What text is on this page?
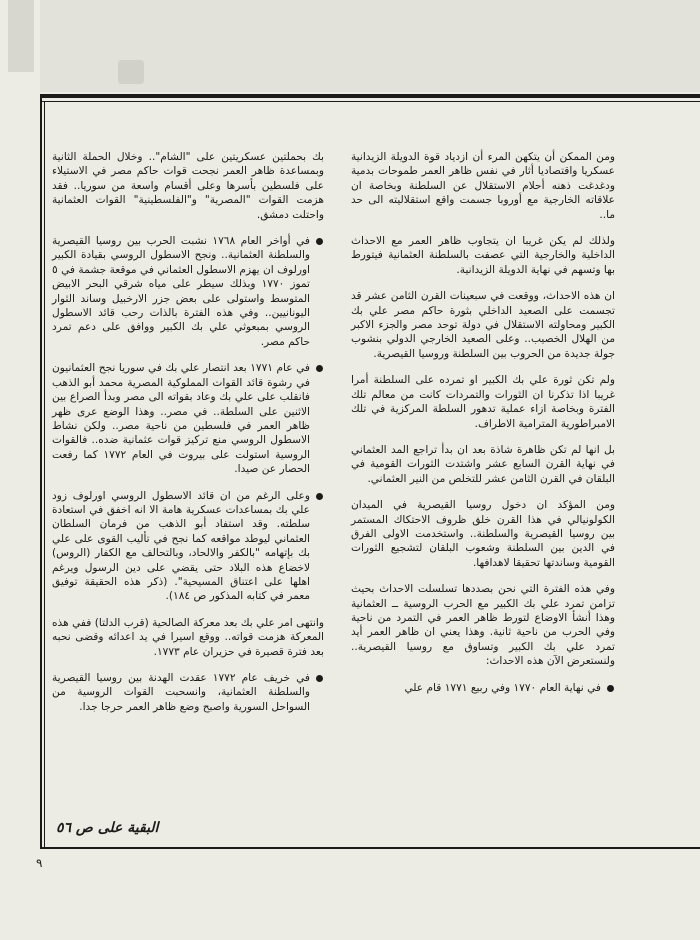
ومن الممكن أن يتكهن المرء أن ازدياد قوة الدويلة الزيدانية عسكريا واقتصاديا أثار في نفس ظاهر العمر طموحات بدمية ودغدغت ذهنه أحلام الاستقلال عن السلطنة وبخاصة ان علاقاته الخارجية مع أوروبا جسمت واقع استقلاليته الى حد ما..

ولذلك لم يكن غريبا ان يتجاوب ظاهر العمر مع الاحداث الداخلية والخارجية التي عصفت بالسلطنة العثمانية فيتورط بها وتسهم في نهاية الدويلة الزيدانية.

ان هذه الاحداث، ووقعت في سبعينات القرن الثامن عشر قد تجسمت على الصعيد الداخلي بثورة حاكم مصر علي بك الكبير ومحاولته الاستقلال في دولة توحد مصر والجزء الاكبر من الهلال الخصيب.. وعلى الصعيد الخارجي الدولي بنشوب جولة جديدة من الحروب بين السلطنة وروسيا القيصرية.

ولم تكن ثورة علي بك الكبير او تمرده على السلطنة أمرا غريبا اذا تذكرنا ان الثورات والتمردات كانت من معالم تلك الفترة وبخاصة ازاء عملية تدهور السلطة المركزية في تلك الامبراطورية المترامية الاطراف.

بل انها لم تكن ظاهرة شاذة بعد ان بدأ تراجع المد العثماني في نهاية القرن السابع عشر واشتدت الثورات القومية في البلقان في القرن الثامن عشر للتخلص من النير العثماني.

ومن المؤكد ان دخول روسيا القيصرية في الميدان الكولونيالي في هذا القرن خلق ظروف الاحتكاك المستمر بين روسيا القيصرية والسلطنة.. واستخدمت الاولى الفرق في الدين بين السلطنة وشعوب البلقان لتشجيع الثورات القومية وساندتها تحقيقا لاهدافها.

وفي هذه الفترة التي نحن بصددها تسلسلت الاحداث بحيث تزامن تمرد علي بك الكبير مع الحرب الروسية ــ العثمانية وهذا أنشأ الاوضاع لتورط ظاهر العمر في التمرد من ناحية وفي الحرب من ناحية ثانية. وهذا يعني ان ظاهر العمر أيد تمرد علي بك الكبير وتساوق مع روسيا القيصرية.. ولنستعرض الآن هذه الاحداث:

في نهاية العام ١٧٧٠ وفي ربيع ١٧٧١ قام علي

بك بحملتين عسكريتين على "الشام".. وخلال الحملة الثانية وبمساعدة ظاهر العمر نجحت قوات حاكم مصر في الاستيلاء على فلسطين بأسرها وعلى أقسام واسعة من سوريا.. فقد هزمت القوات "المصرية" و"الفلسطينية" القوات العثمانية واحتلت دمشق.

في أواخر العام ١٧٦٨ نشبت الحرب بين روسيا القيصرية والسلطنة العثمانية.. ونجح الاسطول الروسي بقيادة الكبير اورلوف ان يهزم الاسطول العثماني في موقعة جشمة في ٥ تموز ١٧٧٠ وبذلك سيطر على مياه شرقي البحر الابيض المتوسط واستولى على بعض جزر الارخبيل وساند الثوار اليونانيين.. وفي هذه الفترة بالذات رحب قائد الاسطول الروسي بمبعوثي علي بك الكبير ووافق على دعم تمرد حاكم مصر.

في عام ١٧٧١ بعد انتصار علي بك في سوريا نجح العثمانيون في رشوة قائد القوات المملوكية المصرية محمد أبو الذهب فانقلب على علي بك وعاد بقواته الى مصر وبدأ الصراع بين الاثنين على السلطة.. في مصر.. وهذا الوضع عرى ظهر ظاهر العمر في فلسطين من ناحية مصر.. ولكن نشاط الاسطول الروسي منع تركيز قوات عثمانية ضده.. فالقوات الروسية استولت على بيروت في العام ١٧٧٢ كما رفعت الحصار عن صيدا.

وعلى الرغم من ان قائد الاسطول الروسي اورلوف زود علي بك بمساعدات عسكرية هامة الا انه اخفق في استعادة سلطته. وقد استفاد أبو الذهب من فرمان السلطان العثماني ليوطد مواقعه كما نجح في تأليب القوى على علي بك بإتهامه "بالكفر والالحاد، وبالتحالف مع الكفار (الروس) لاخضاع هذه البلاد حتى يقضي على دين الرسول ويرغم اهلها على اعتناق المسيحية". (ذكر هذه الحقيقة توفيق معمر في كتابه المذكور ص ١٨٤).

وانتهى امر علي بك بعد معركة الصالحية (قرب الدلتا) ففي هذه المعركة هزمت قواته.. ووقع اسيرا في يد اعدائه وقضى نحبه بعد فترة قصيرة في حزيران عام ١٧٧٣.

في خريف عام ١٧٧٢ عقدت الهدنة بين روسيا القيصرية والسلطنة العثمانية، وانسحبت القوات الروسية من السواحل السورية واصبح وضع ظاهر العمر حرجا جدا.

البقية على ص ٥٦
٩
